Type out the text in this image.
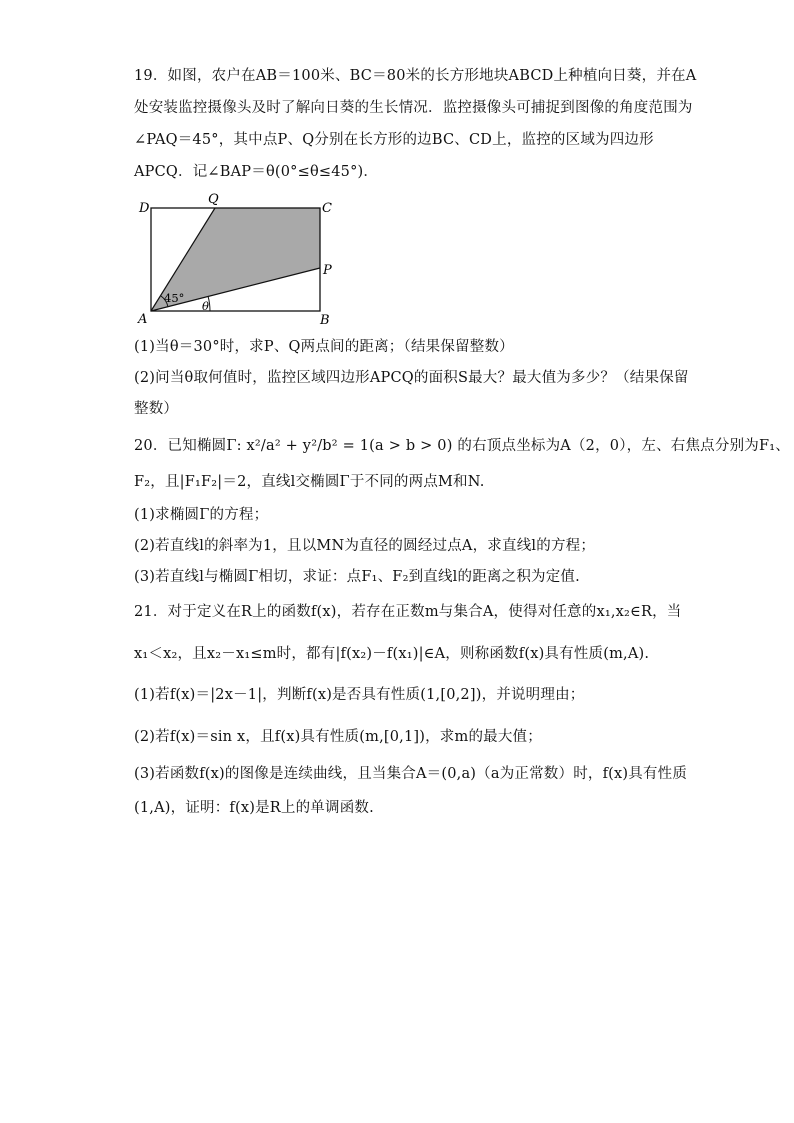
19．如图，农户在AB＝100米、BC＝80米的长方形地块ABCD上种植向日葵，并在A
处安装监控摄像头及时了解向日葵的生长情况．监控摄像头可捕捉到图像的角度范围为
∠PAQ＝45°，其中点P、Q分别在长方形的边BC、CD上，监控的区域为四边形
APCQ．记∠BAP＝θ(0°≤θ≤45°)．
D
Q
C
P
A	B
45°
θ
(1)当θ＝30°时，求P、Q两点间的距离；（结果保留整数）
(2)问当θ取何值时，监控区域四边形APCQ的面积S最大？最大值为多少？（结果保留
整数）
20．已知椭圆Γ: x²/a² + y²/b² = 1(a > b > 0) 的右顶点坐标为A（2，0），左、右焦点分别为F₁、
F₂，且|F₁F₂|＝2，直线l交椭圆Γ于不同的两点M和N.
(1)求椭圆Γ的方程；
(2)若直线l的斜率为1，且以MN为直径的圆经过点A，求直线l的方程；
(3)若直线l与椭圆Γ相切，求证：点F₁、F₂到直线l的距离之积为定值.
21．对于定义在R上的函数f(x)，若存在正数m与集合A，使得对任意的x₁,x₂∈R，当
x₁＜x₂，且x₂－x₁≤m时，都有|f(x₂)－f(x₁)|∈A，则称函数f(x)具有性质(m,A).
(1)若f(x)＝|2x－1|，判断f(x)是否具有性质(1,[0,2])，并说明理由；
(2)若f(x)＝sin x，且f(x)具有性质(m,[0,1])，求m的最大值；
(3)若函数f(x)的图像是连续曲线，且当集合A＝(0,a)（a为正常数）时，f(x)具有性质
(1,A)，证明：f(x)是R上的单调函数.
